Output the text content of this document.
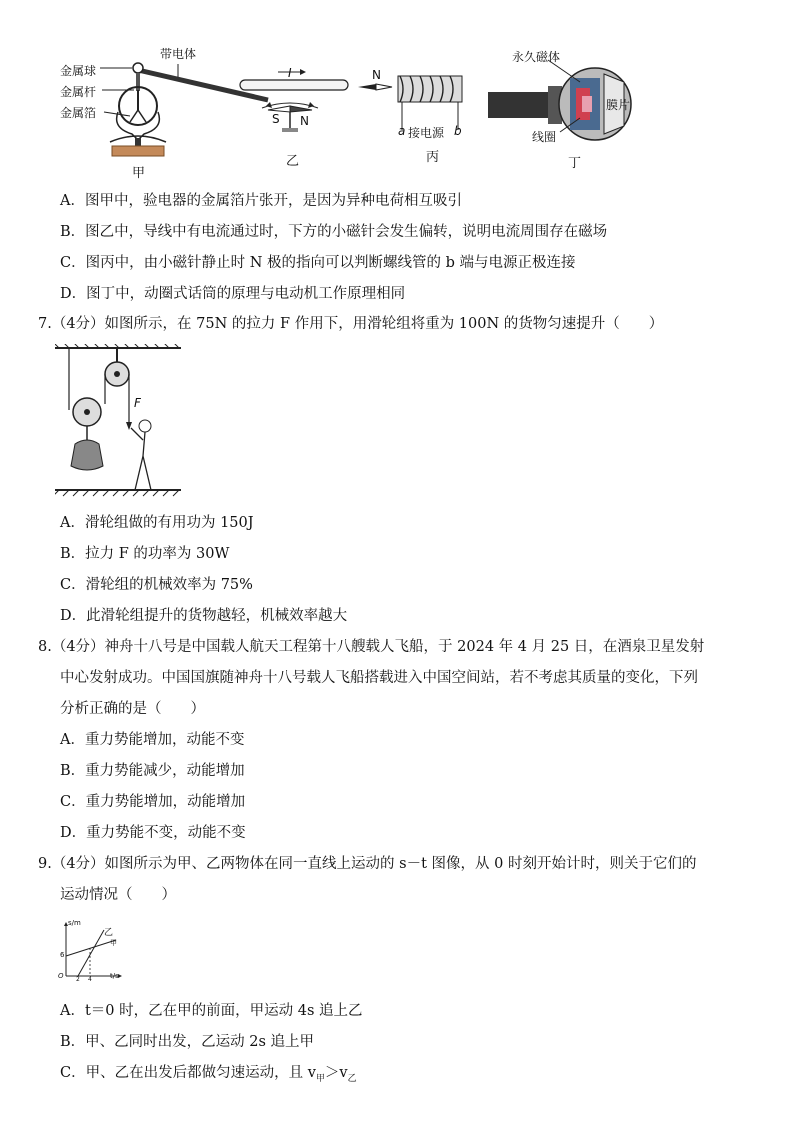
带电体
金属球
金属杆
金属箔
甲
I
S N
乙
N
a 接电源 b
丙
永久磁体
膜片
线圈
丁
A．图甲中，验电器的金属箔片张开，是因为异种电荷相互吸引
B．图乙中，导线中有电流通过时，下方的小磁针会发生偏转，说明电流周围存在磁场
C．图丙中，由小磁针静止时 N 极的指向可以判断螺线管的 b 端与电源正极连接
D．图丁中，动圈式话筒的原理与电动机工作原理相同
7.（4分）如图所示，在 75N 的拉力 F 作用下，用滑轮组将重为 100N 的货物匀速提升（　　）
F
A．滑轮组做的有用功为 150J
B．拉力 F 的功率为 30W
C．滑轮组的机械效率为 75%
D．此滑轮组提升的货物越轻，机械效率越大
8.（4分）神舟十八号是中国载人航天工程第十八艘载人飞船，于 2024 年 4 月 25 日，在酒泉卫星发射
中心发射成功。中国国旗随神舟十八号载人飞船搭载进入中国空间站，若不考虑其质量的变化，下列
分析正确的是（　　）
A．重力势能增加，动能不变
B．重力势能减少，动能增加
C．重力势能增加，动能增加
D．重力势能不变，动能不变
9.（4分）如图所示为甲、乙两物体在同一直线上运动的 s－t 图像，从 0 时刻开始计时，则关于它们的
运动情况（　　）
s/m
乙
甲
6
O 2 4	t/s
A．t＝0 时，乙在甲的前面，甲运动 4s 追上乙
B．甲、乙同时出发，乙运动 2s 追上甲
C．甲、乙在出发后都做匀速运动，且 $v_甲>v_乙$
